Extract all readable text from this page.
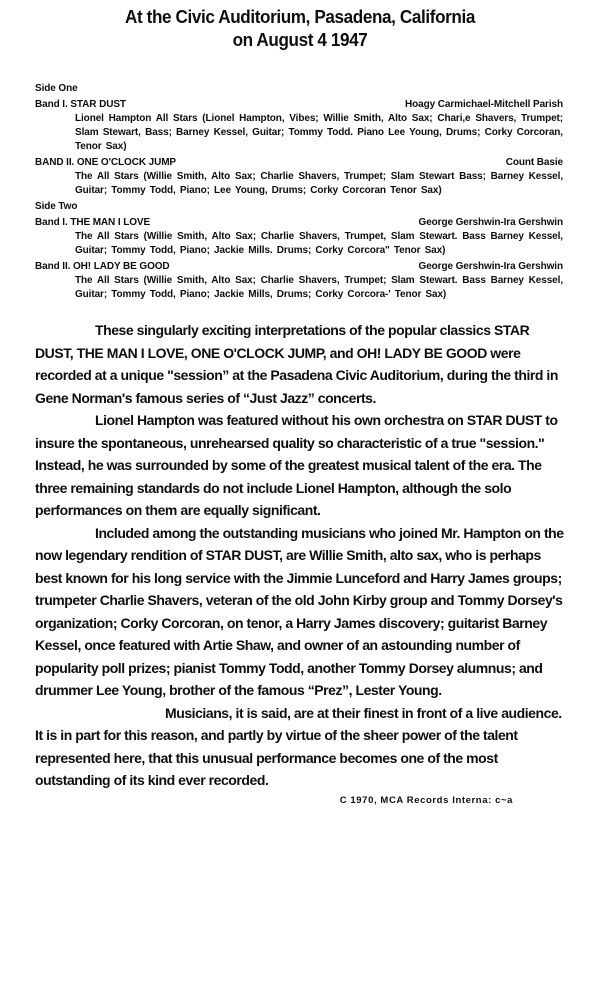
At the Civic Auditorium, Pasadena, California
on August 4 1947
Side One
Band I. STAR DUST	Hoagy Carmichael-Mitchell Parish
Lionel Hampton All Stars (Lionel Hampton, Vibes; Willie Smith, Alto Sax; Chari,e Shavers, Trumpet; Slam Stewart, Bass; Barney Kessel, Guitar; Tommy Todd. Piano Lee Young, Drums; Corky Corcoran, Tenor Sax)
BAND II. ONE O'CLOCK JUMP	Count Basie
The All Stars (Willie Smith, Alto Sax; Charlie Shavers, Trumpet; Slam Stewart Bass; Barney Kessel, Guitar; Tommy Todd, Piano; Lee Young, Drums; Corky Corcoran Tenor Sax)
Side Two
Band I. THE MAN I LOVE	George Gershwin-Ira Gershwin
The All Stars (Willie Smith, Alto Sax; Charlie Shavers, Trumpet, Slam Stewart. Bass Barney Kessel, Guitar; Tommy Todd, Piano; Jackie Mills. Drums; Corky Corcora" Tenor Sax)
Band II. OH! LADY BE GOOD	George Gershwin-Ira Gershwin
The All Stars (Willie Smith, Alto Sax; Charlie Shavers, Trumpet; Slam Stewart. Bass Barney Kessel, Guitar; Tommy Todd, Piano; Jackie Mills, Drums; Corky Corcora-' Tenor Sax)

These singularly exciting interpretations of the popular classics STAR DUST, THE MAN I LOVE, ONE O'CLOCK JUMP, and OH! LADY BE GOOD were recorded at a unique "session” at the Pasadena Civic Auditorium, during the third in Gene Norman's famous series of “Just Jazz” concerts.

Lionel Hampton was featured without his own orchestra on STAR DUST to insure the spontaneous, unrehearsed quality so characteristic of a true "session." Instead, he was surrounded by some of the greatest musical talent of the era. The three remaining standards do not include Lionel Hampton, although the solo performances on them are equally significant.

Included among the outstanding musicians who joined Mr. Hampton on the now legendary rendition of STAR DUST, are Willie Smith, alto sax, who is perhaps best known for his long service with the Jimmie Lunceford and Harry James groups; trumpeter Charlie Shavers, veteran of the old John Kirby group and Tommy Dorsey's organization; Corky Corcoran, on tenor, a Harry James discovery; guitarist Barney Kessel, once featured with Artie Shaw, and owner of an astounding number of popularity poll prizes; pianist Tommy Todd, another Tommy Dorsey alumnus; and drummer Lee Young, brother of the famous “Prez”, Lester Young.

Musicians, it is said, are at their finest in front of a live audience. It is in part for this reason, and partly by virtue of the sheer power of the talent represented here, that this unusual performance becomes one of the most outstanding of its kind ever recorded.

C 1970, MCA Records Interna: c~a
